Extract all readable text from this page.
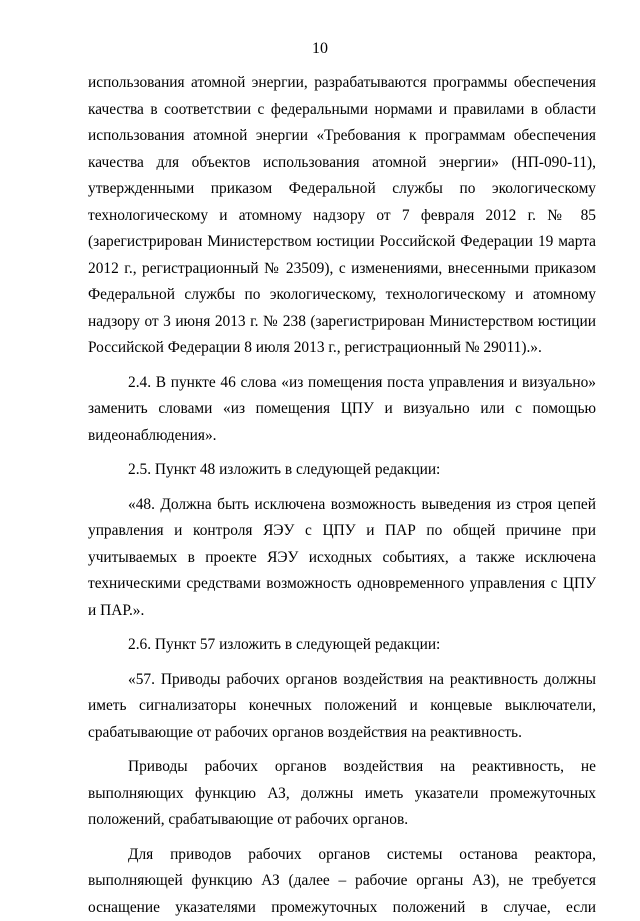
10

использования атомной энергии, разрабатываются программы обеспечения
качества в соответствии с федеральными нормами и правилами в области
использования атомной энергии «Требования к программам обеспечения
качества для объектов использования атомной энергии» (НП-090-11),
утвержденными приказом Федеральной службы по экологическому
технологическому и атомному надзору от 7 февраля 2012 г. № 85
(зарегистрирован Министерством юстиции Российской Федерации 19 марта
2012 г., регистрационный № 23509), с изменениями, внесенными приказом
Федеральной службы по экологическому, технологическому и атомному
надзору от 3 июня 2013 г. № 238 (зарегистрирован Министерством юстиции
Российской Федерации 8 июля 2013 г., регистрационный № 29011).».

2.4. В пункте 46 слова «из помещения поста управления и визуально»
заменить словами «из помещения ЦПУ и визуально или с помощью
видеонаблюдения».

2.5. Пункт 48 изложить в следующей редакции:

«48. Должна быть исключена возможность выведения из строя цепей
управления и контроля ЯЭУ с ЦПУ и ПАР по общей причине при
учитываемых в проекте ЯЭУ исходных событиях, а также исключена
техническими средствами возможность одновременного управления с ЦПУ
и ПАР.».

2.6. Пункт 57 изложить в следующей редакции:

«57. Приводы рабочих органов воздействия на реактивность должны
иметь сигнализаторы конечных положений и концевые выключатели,
срабатывающие от рабочих органов воздействия на реактивность.

Приводы рабочих органов воздействия на реактивность, не
выполняющих функцию АЗ, должны иметь указатели промежуточных
положений, срабатывающие от рабочих органов.

Для приводов рабочих органов системы останова реактора,
выполняющей функцию АЗ (далее – рабочие органы АЗ), не требуется
оснащение указателями промежуточных положений в случае, если
